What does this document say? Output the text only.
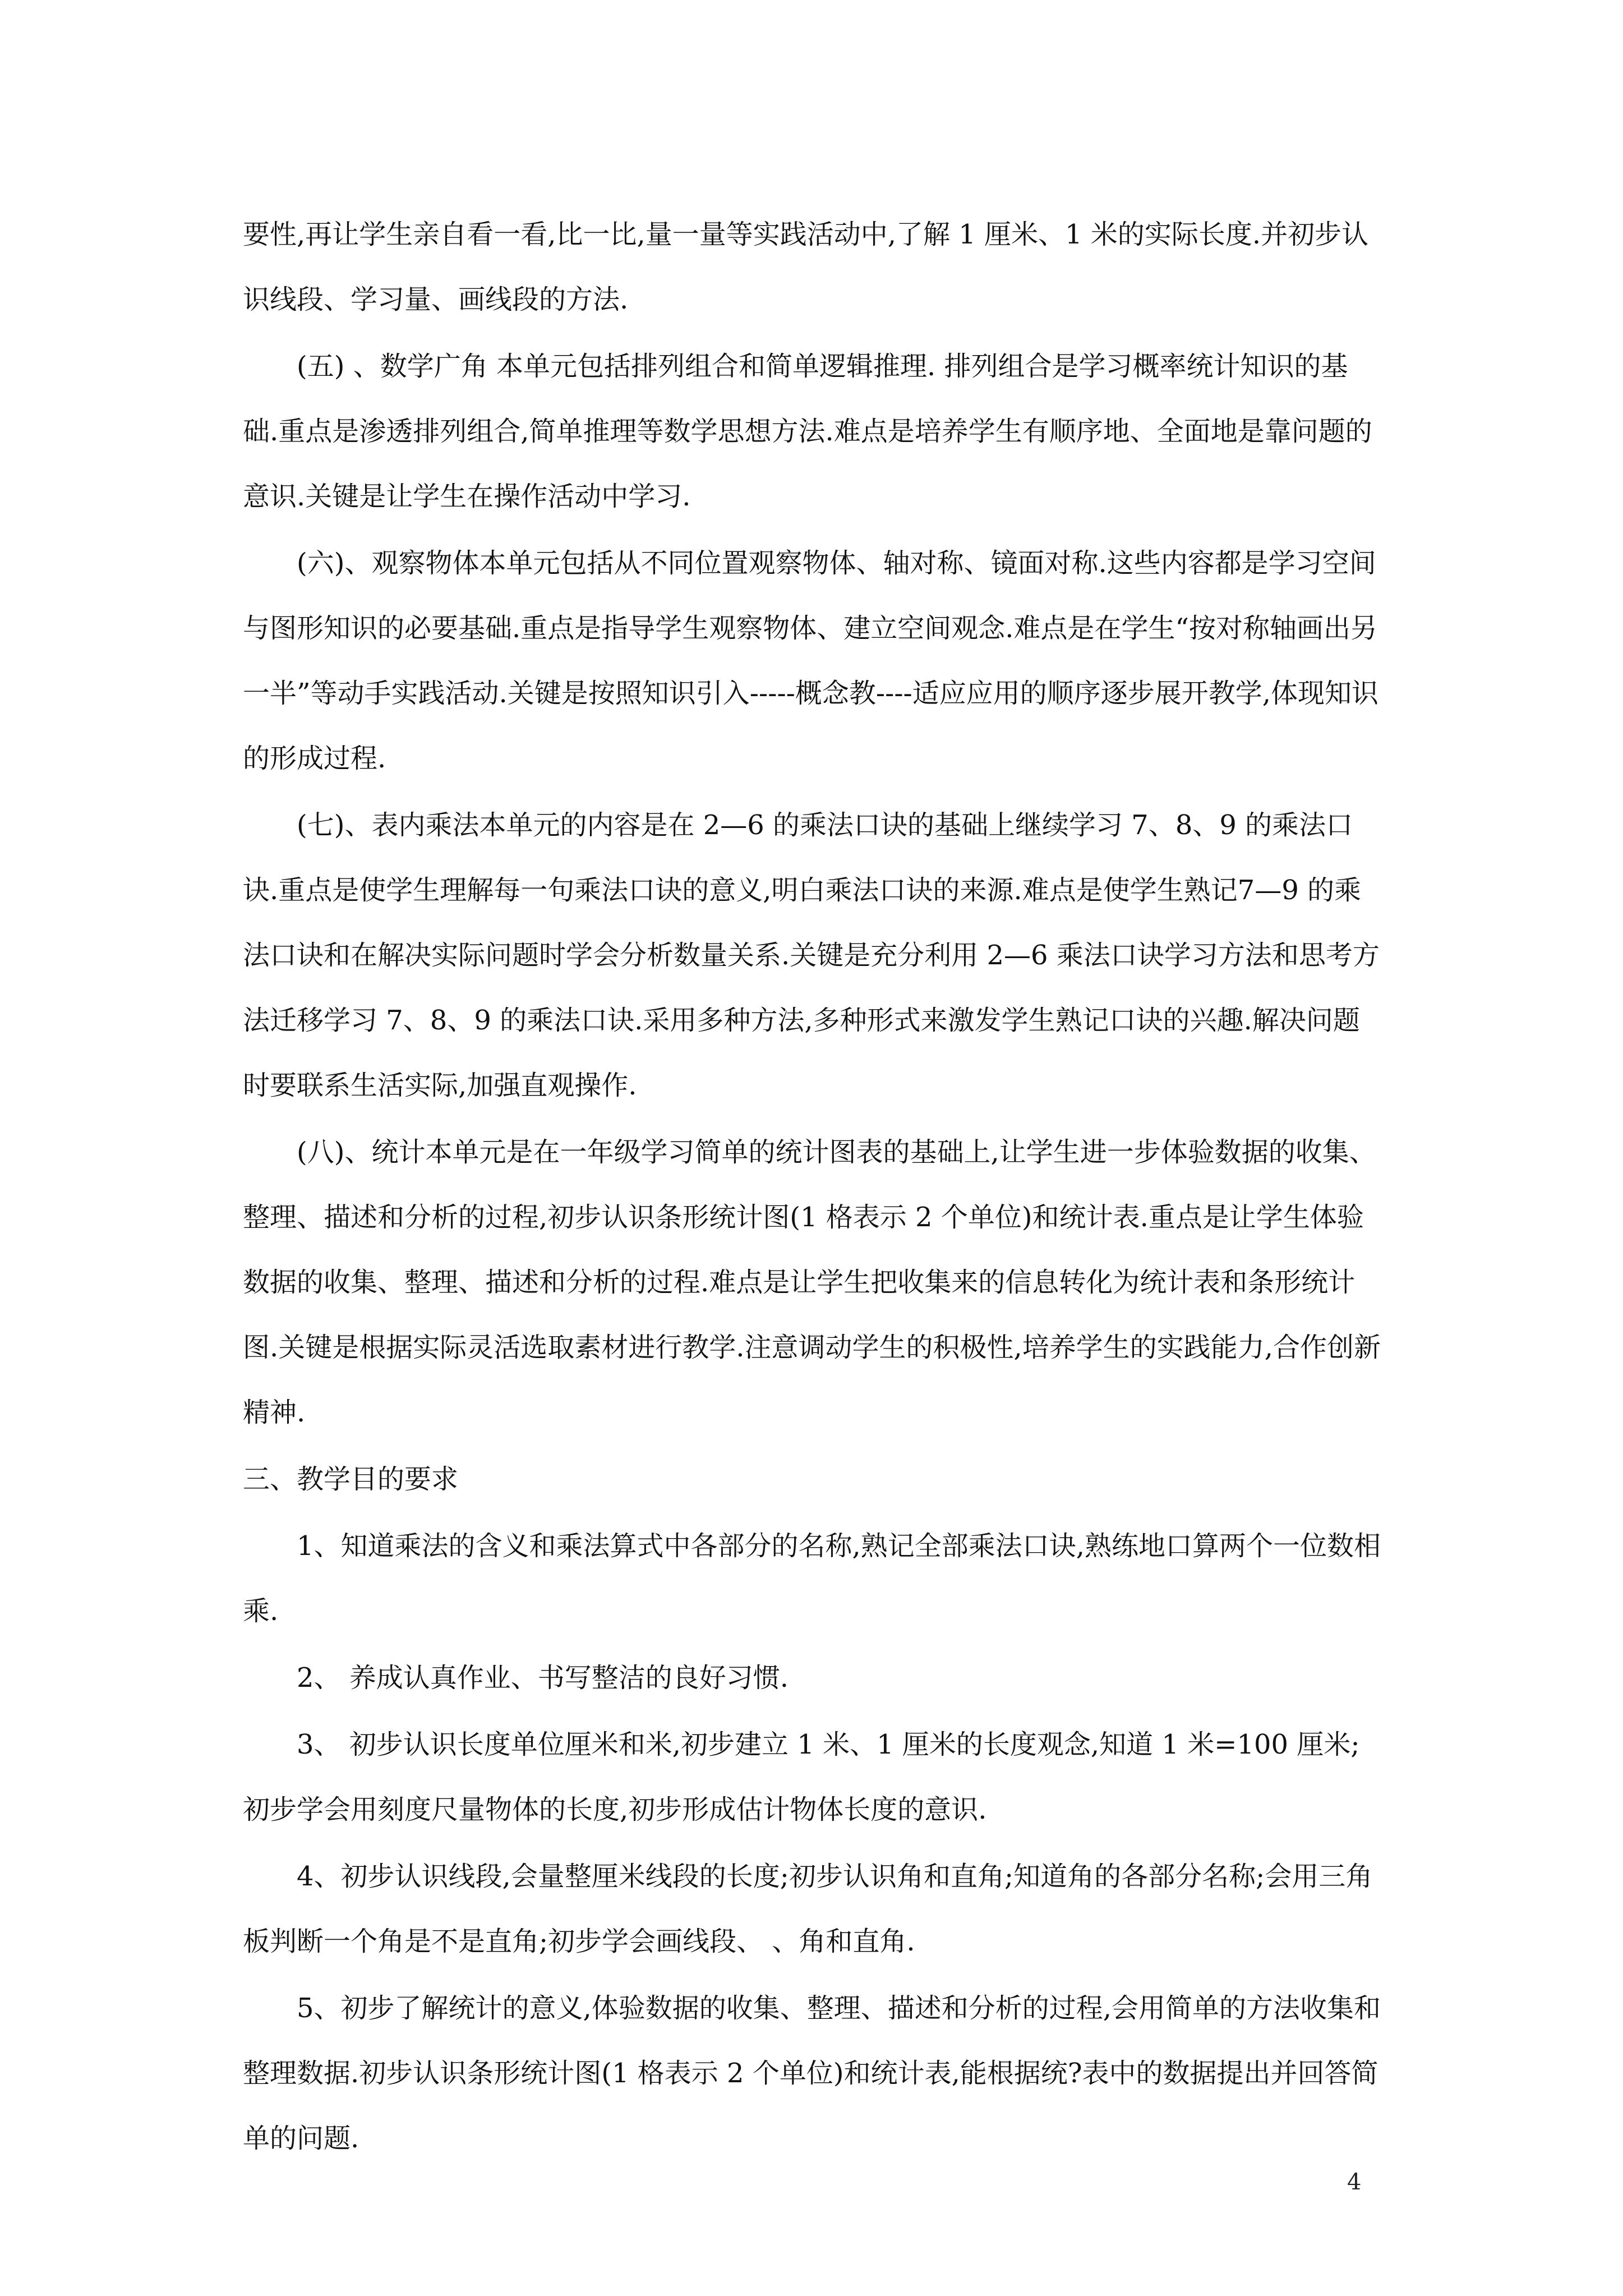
要性,再让学生亲自看一看,比一比,量一量等实践活动中,了解 1 厘米、1 米的实际长度.并初步认识线段、学习量、画线段的方法.

(五) 、数学广角 本单元包括排列组合和简单逻辑推理. 排列组合是学习概率统计知识的基础.重点是渗透排列组合,简单推理等数学思想方法.难点是培养学生有顺序地、全面地是靠问题的意识.关键是让学生在操作活动中学习.

(六)、观察物体本单元包括从不同位置观察物体、轴对称、镜面对称.这些内容都是学习空间与图形知识的必要基础.重点是指导学生观察物体、建立空间观念.难点是在学生“按对称轴画出另一半”等动手实践活动.关键是按照知识引入-----概念教----适应应用的顺序逐步展开教学,体现知识的形成过程.

(七)、表内乘法本单元的内容是在 2—6 的乘法口诀的基础上继续学习 7、8、9 的乘法口诀.重点是使学生理解每一句乘法口诀的意义,明白乘法口诀的来源.难点是使学生熟记7—9 的乘法口诀和在解决实际问题时学会分析数量关系.关键是充分利用 2—6 乘法口诀学习方法和思考方法迁移学习 7、8、9 的乘法口诀.采用多种方法,多种形式来激发学生熟记口诀的兴趣.解决问题时要联系生活实际,加强直观操作.

(八)、统计本单元是在一年级学习简单的统计图表的基础上,让学生进一步体验数据的收集、整理、描述和分析的过程,初步认识条形统计图(1 格表示 2 个单位)和统计表.重点是让学生体验数据的收集、整理、描述和分析的过程.难点是让学生把收集来的信息转化为统计表和条形统计图.关键是根据实际灵活选取素材进行教学.注意调动学生的积极性,培养学生的实践能力,合作创新精神.

三、教学目的要求

1、知道乘法的含义和乘法算式中各部分的名称,熟记全部乘法口诀,熟练地口算两个一位数相乘.

2、 养成认真作业、书写整洁的良好习惯.

3、 初步认识长度单位厘米和米,初步建立 1 米、1 厘米的长度观念,知道 1 米=100 厘米;初步学会用刻度尺量物体的长度,初步形成估计物体长度的意识.

4、初步认识线段,会量整厘米线段的长度;初步认识角和直角;知道角的各部分名称;会用三角板判断一个角是不是直角;初步学会画线段、 、角和直角.

5、初步了解统计的意义,体验数据的收集、整理、描述和分析的过程,会用简单的方法收集和整理数据.初步认识条形统计图(1 格表示 2 个单位)和统计表,能根据统?表中的数据提出并回答简单的问题.

4
